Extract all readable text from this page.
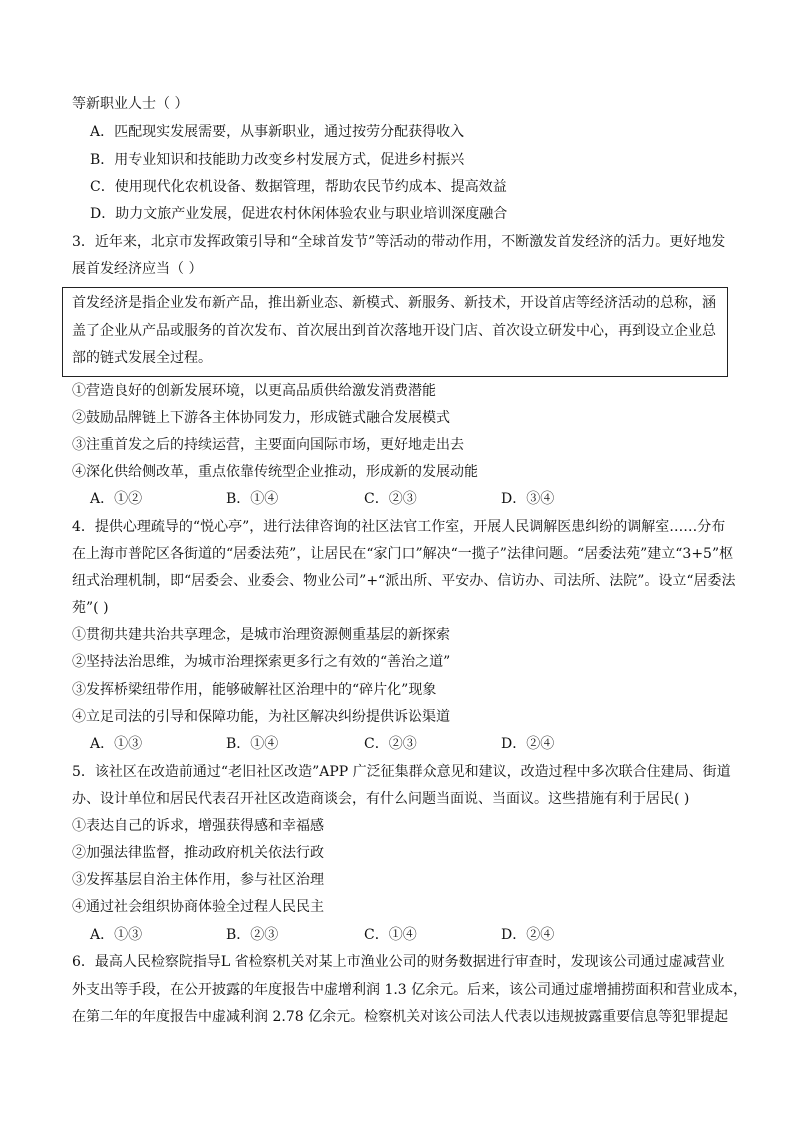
等新职业人士（ ）
A．匹配现实发展需要，从事新职业，通过按劳分配获得收入
B．用专业知识和技能助力改变乡村发展方式，促进乡村振兴
C．使用现代化农机设备、数据管理，帮助农民节约成本、提高效益
D．助力文旅产业发展，促进农村休闲体验农业与职业培训深度融合
3．近年来，北京市发挥政策引导和“全球首发节”等活动的带动作用，不断激发首发经济的活力。更好地发
展首发经济应当（ ）
首发经济是指企业发布新产品，推出新业态、新模式、新服务、新技术，开设首店等经济活动的总称，涵
盖了企业从产品或服务的首次发布、首次展出到首次落地开设门店、首次设立研发中心，再到设立企业总
部的链式发展全过程。
①营造良好的创新发展环境，以更高品质供给激发消费潜能
②鼓励品牌链上下游各主体协同发力，形成链式融合发展模式
③注重首发之后的持续运营，主要面向国际市场，更好地走出去
④深化供给侧改革，重点依靠传统型企业推动，形成新的发展动能
A．①②	B．①④	C．②③	D．③④
4．提供心理疏导的“悦心亭”，进行法律咨询的社区法官工作室，开展人民调解医患纠纷的调解室……分布
在上海市普陀区各街道的“居委法苑”，让居民在“家门口”解决“一揽子”法律问题。“居委法苑”建立“3+5”枢
纽式治理机制，即“居委会、业委会、物业公司”+“派出所、平安办、信访办、司法所、法院”。设立“居委法
苑”( )
①贯彻共建共治共享理念，是城市治理资源侧重基层的新探索
②坚持法治思维，为城市治理探索更多行之有效的“善治之道”
③发挥桥梁纽带作用，能够破解社区治理中的“碎片化”现象
④立足司法的引导和保障功能，为社区解决纠纷提供诉讼渠道
A．①③	B．①④	C．②③	D．②④
5．该社区在改造前通过“老旧社区改造”APP 广泛征集群众意见和建议，改造过程中多次联合住建局、街道
办、设计单位和居民代表召开社区改造商谈会，有什么问题当面说、当面议。这些措施有利于居民( )
①表达自己的诉求，增强获得感和幸福感
②加强法律监督，推动政府机关依法行政
③发挥基层自治主体作用，参与社区治理
④通过社会组织协商体验全过程人民民主
A．①③	B．②③	C．①④	D．②④
6．最高人民检察院指导L 省检察机关对某上市渔业公司的财务数据进行审查时，发现该公司通过虚减营业
外支出等手段，在公开披露的年度报告中虚增利润 1.3 亿余元。后来，该公司通过虚增捕捞面积和营业成本，
在第二年的年度报告中虚减利润 2.78 亿余元。检察机关对该公司法人代表以违规披露重要信息等犯罪提起
